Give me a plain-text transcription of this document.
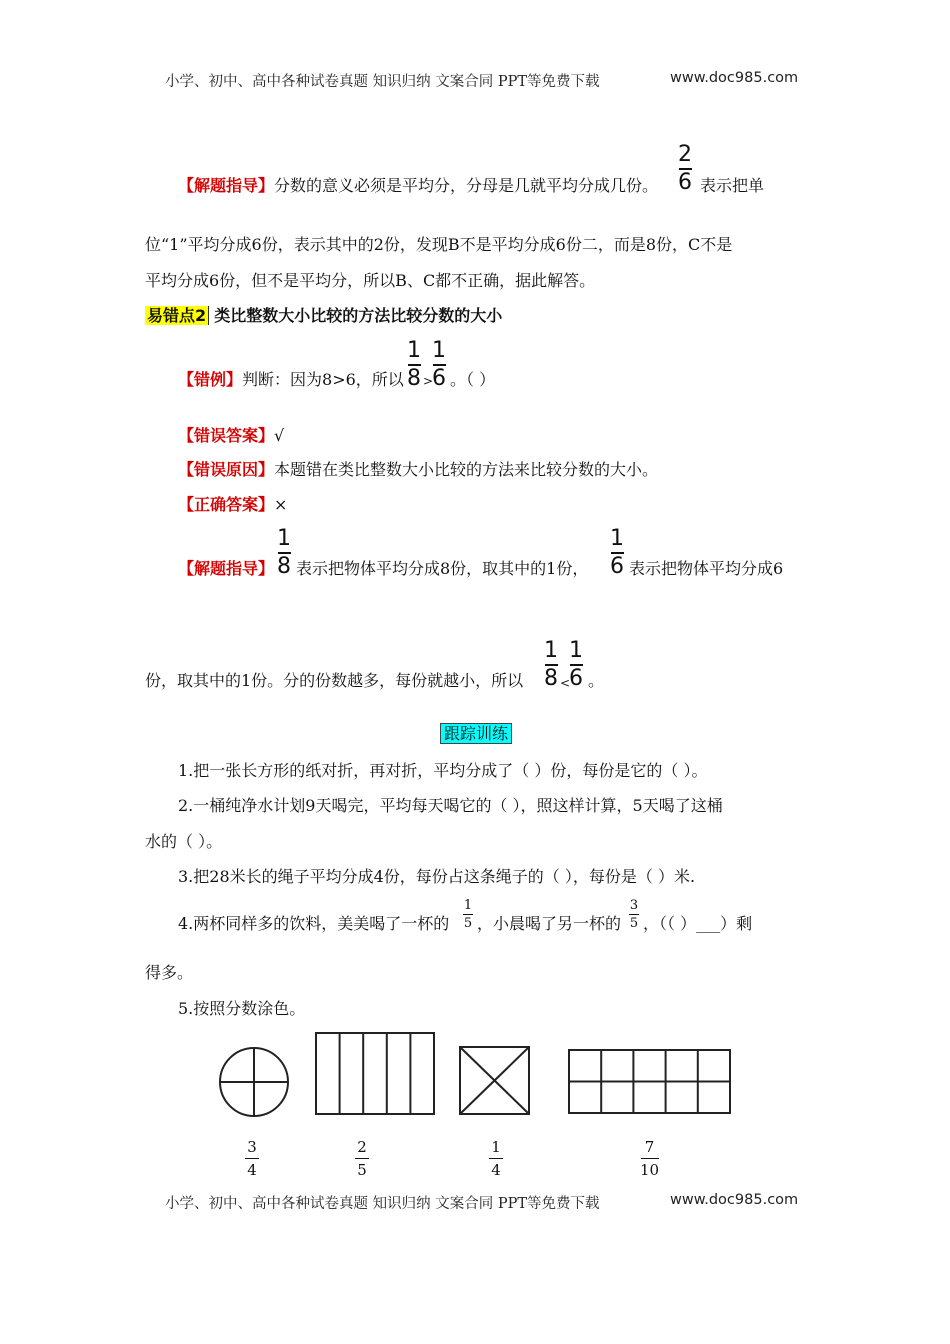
小学、初中、高中各种试卷真题 知识归纳 文案合同 PPT等免费下载	www.doc985.com
【解题指导】分数的意义必须是平均分，分母是几就平均分成几份。
2
6 表示把单
位“1”平均分成6份，表示其中的2份，发现B不是平均分成6份二，而是8份，C不是
平均分成6份，但不是平均分，所以B、C都不正确，据此解答。
易错点2 类比整数大小比较的方法比较分数的大小
【错例】判断：因为8>6，所以
1
8 >
1
6 。（ ）
【错误答案】√
【错误原因】本题错在类比整数大小比较的方法来比较分数的大小。
【正确答案】×
【解题指导】
1
8 表示把物体平均分成8份，取其中的1份，
1
6 表示把物体平均分成6
份，取其中的1份。分的份数越多，每份就越小，所以
1
8 <
1
6 。
跟踪训练
1.把一张长方形的纸对折，再对折，平均分成了（ ）份，每份是它的（ ）。
2.一桶纯净水计划9天喝完，平均每天喝它的（ ），照这样计算，5天喝了这桶
水的（ ）。
3.把28米长的绳子平均分成4份，每份占这条绳子的（ ），每份是（ ）米.
4.两杯同样多的饮料，美美喝了一杯的
1
5 ，小晨喝了另一杯的
3
5 ，（（ ）___）剩
得多。
5.按照分数涂色。
3
4
2
5
1
4
7
10
小学、初中、高中各种试卷真题 知识归纳 文案合同 PPT等免费下载	www.doc985.com
